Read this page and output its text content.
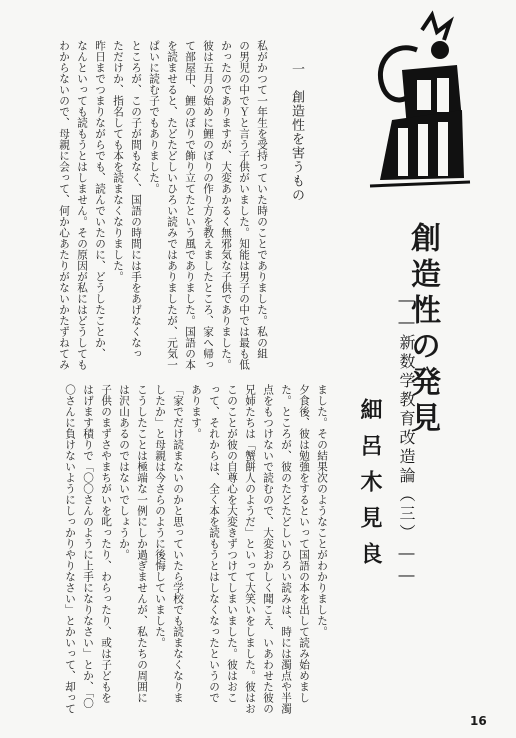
創造性の発見
――新数学教育改造論（三）――
細呂木見良
一　創造性を害うもの
私がかつて一年生を受持っていた時のことでありました。私の組
の男児の中でＹと言う子供がいました。知能は男子の中では最も低
かったのでありますが、大変あかるく無邪気な子供でありました。
彼は五月の始めに鯉のぼりの作り方を教えましたところ、家へ帰っ
て部屋中、鯉のぼりで飾り立てたという風でありました。国語の本
を読ませると、たどたどしいひろい読みではありましたが、元気一
ぱいに読む子でもありました。
ところが、この子が間もなく、国語の時間には手をあげなくなっ
ただけか、指名しても本を読まなくなりました。
昨日までつまりながらでも、読んでいたのに、どうしたことか、
なんといっても読もうとはしません。その原因が私にはどうしても
わからないので、母親に会って、何か心あたりがないかたずねてみ
ました。その結果次のようなことがわかりました。
夕食後、彼は勉強をするといって国語の本を出して読み始めまし
た。ところが、彼のたどたどしいひろい読みは、時には濁点や半濁
点をもつけないで読むので、大変おかしく聞こえ、いあわせた彼の
兄姉たちは「蟹餅人のようだ」といって大笑いをしました。彼はお
このことが彼の自尊心を大変きずつけてしまいました。彼はおこ
って、それからは、全く本を読もうとはしなくなったというので
あります。
「家でだけ読まないのかと思っていたら学校でも読まなくなりま
したか」と母親は今さらのように後悔していました。
こうしたことは極端な一例にしか過ぎませんが、私たちの周囲に
は沢山あるのではないでしょうか。
子供のまずさやまちがいを叱ったり、わらったり、或は子どもを
はげます積りで「〇〇さんのように上手になりなさい」とか、「〇
〇さんに負けないようにしっかりやりなさい」とかいって、却って
16
